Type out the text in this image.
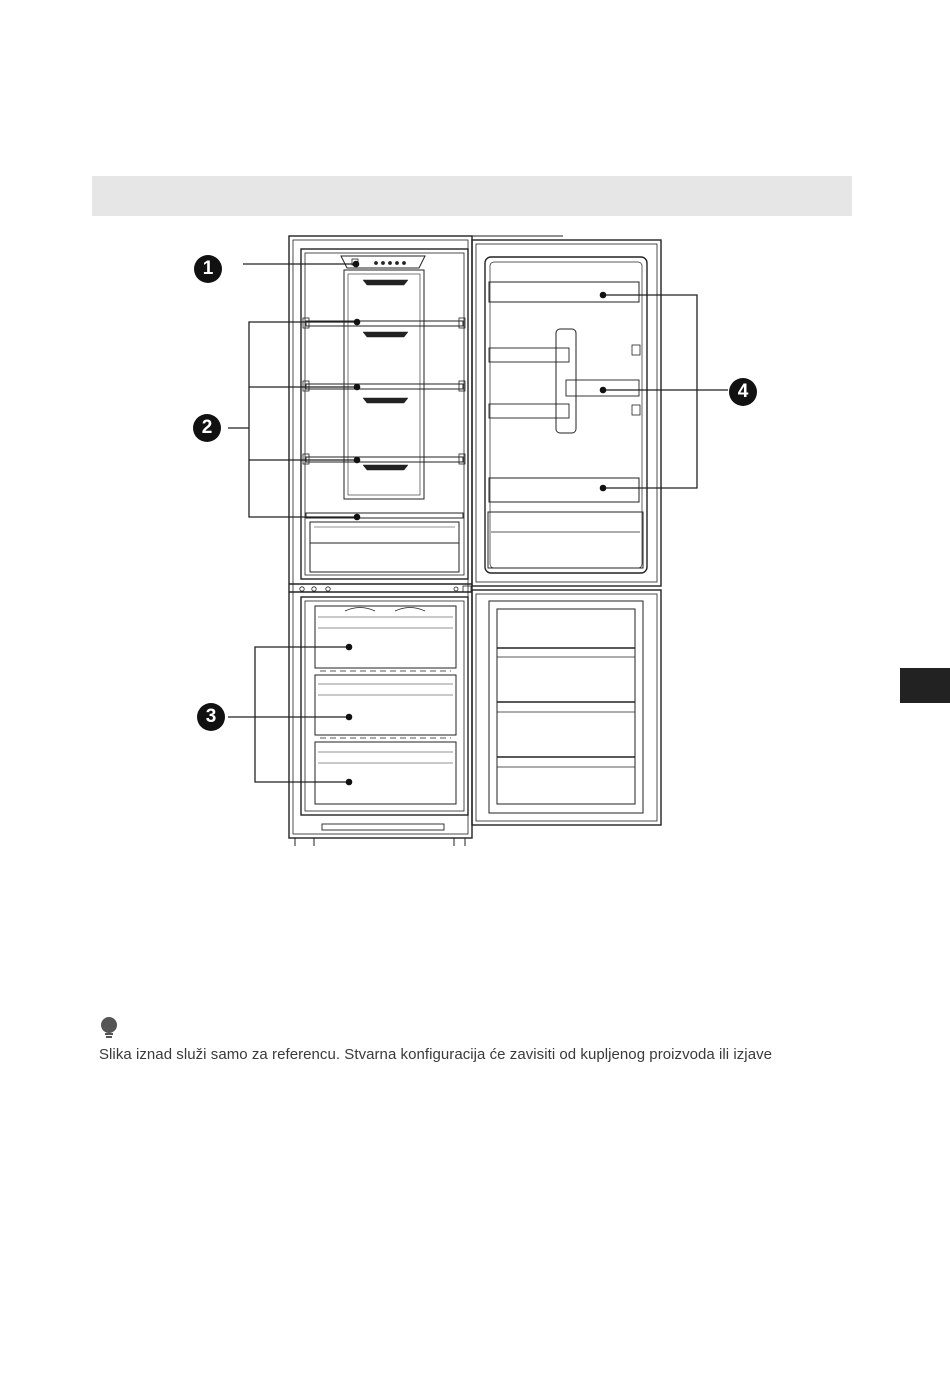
1
2
3
4
Slika iznad služi samo za referencu. Stvarna konfiguracija će zavisiti od kupljenog proizvoda ili izjave
